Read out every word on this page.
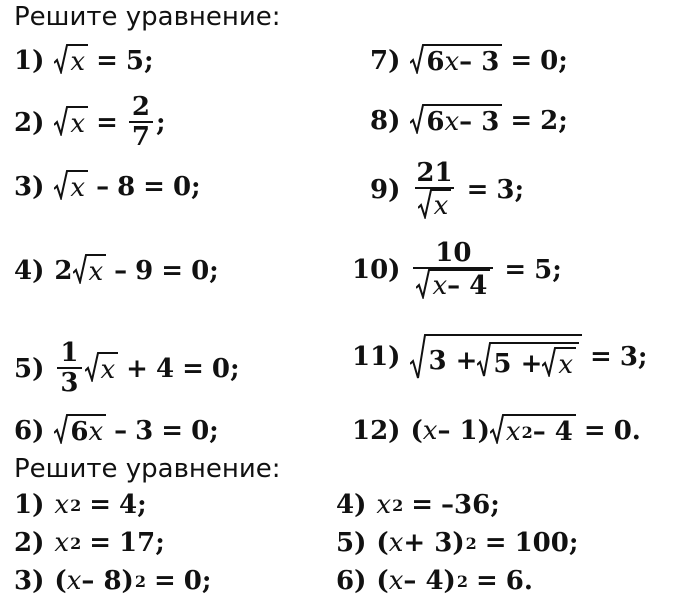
Решите уравнение:
1) x = 5;
2) $x = \frac{2}{7}$ ;
3) x – 8 = 0;
4) 2 x – 9 = 0;
$5) \frac{1}{3}$ x + 4 = 0;
6) 6 x – 3 = 0;
7) 6 x – 3 = 0;
8) 6 x – 3 = 2;
$9) \frac{21}{x} = 3$;
$10) \frac{10}{x - 4} = 5$;
11) 3 + 5 + x = 3;
12) ( x – 1) x 2 – 4 = 0.
Решите уравнение:
1) x 2 = 4;
2) x 2 = 17;
3) ( x – 8) 2 = 0;
4) x 2 = –36;
5) ( x + 3) 2 = 100;
6) ( x – 4) 2 = 6.
